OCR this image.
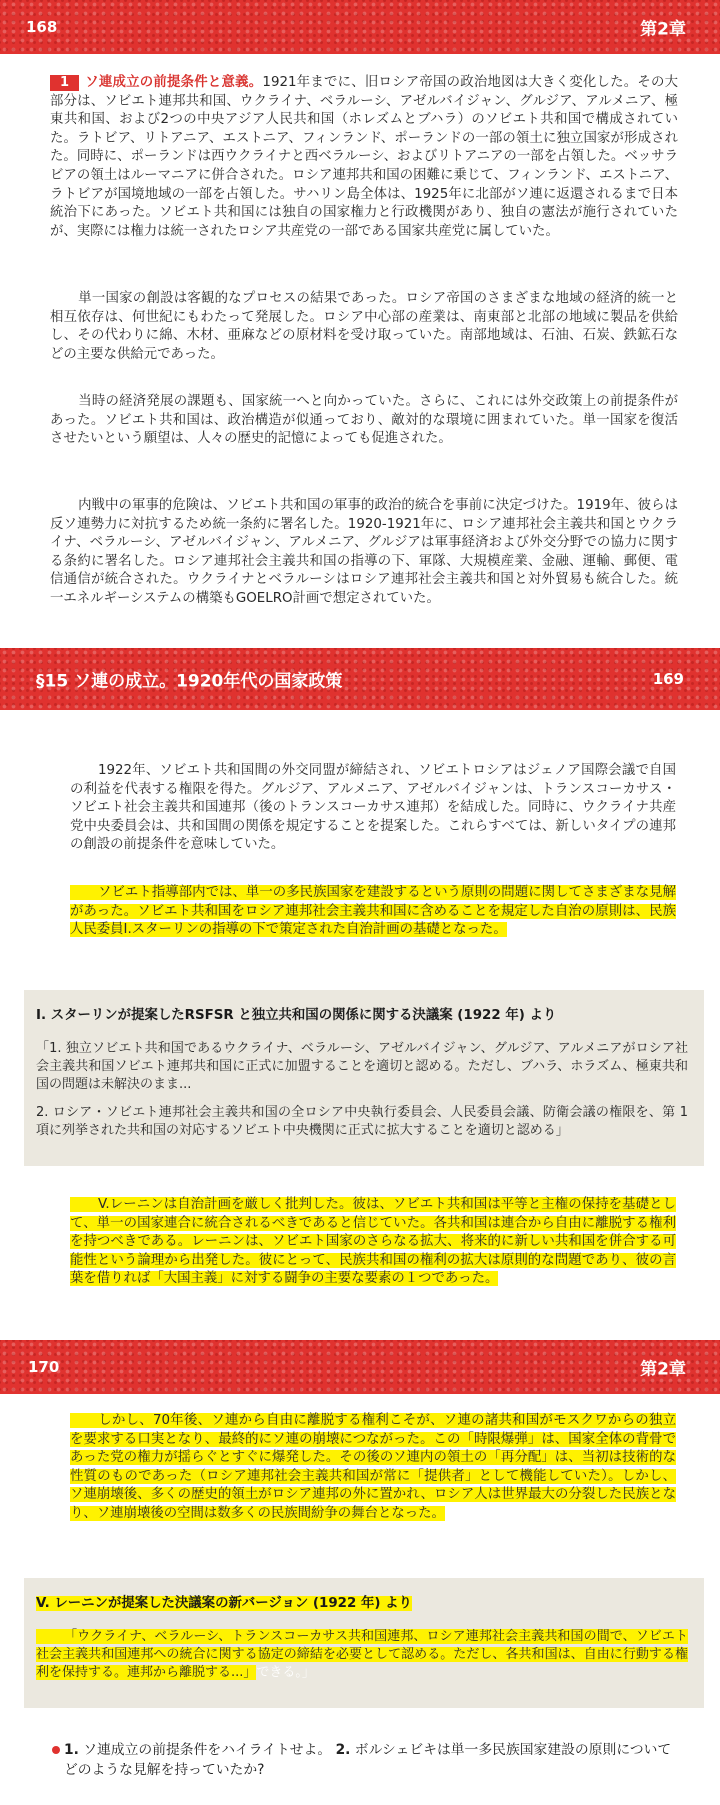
168	第2章
1 ソ連成立の前提条件と意義。1921年までに、旧ロシア帝国の政治地図は大きく変化した。その大部分は、ソビエト連邦共和国、ウクライナ、ベラルーシ、アゼルバイジャン、グルジア、アルメニア、極東共和国、および2つの中央アジア人民共和国（ホレズムとブハラ）のソビエト共和国で構成されていた。ラトビア、リトアニア、エストニア、フィンランド、ポーランドの一部の領土に独立国家が形成された。同時に、ポーランドは西ウクライナと西ベラルーシ、およびリトアニアの一部を占領した。ベッサラビアの領土はルーマニアに併合された。ロシア連邦共和国の困難に乗じて、フィンランド、エストニア、ラトビアが国境地域の一部を占領した。サハリン島全体は、1925年に北部がソ連に返還されるまで日本統治下にあった。ソビエト共和国には独自の国家権力と行政機関があり、独自の憲法が施行されていたが、実際には権力は統一されたロシア共産党の一部である国家共産党に属していた。
単一国家の創設は客観的なプロセスの結果であった。ロシア帝国のさまざまな地域の経済的統一と相互依存は、何世紀にもわたって発展した。ロシア中心部の産業は、南東部と北部の地域に製品を供給し、その代わりに綿、木材、亜麻などの原材料を受け取っていた。南部地域は、石油、石炭、鉄鉱石などの主要な供給元であった。
当時の経済発展の課題も、国家統一へと向かっていた。さらに、これには外交政策上の前提条件があった。ソビエト共和国は、政治構造が似通っており、敵対的な環境に囲まれていた。単一国家を復活させたいという願望は、人々の歴史的記憶によっても促進された。
内戦中の軍事的危険は、ソビエト共和国の軍事的政治的統合を事前に決定づけた。1919年、彼らは反ソ連勢力に対抗するため統一条約に署名した。1920-1921年に、ロシア連邦社会主義共和国とウクライナ、ベラルーシ、アゼルバイジャン、アルメニア、グルジアは軍事経済および外交分野での協力に関する条約に署名した。ロシア連邦社会主義共和国の指導の下、軍隊、大規模産業、金融、運輸、郵便、電信通信が統合された。ウクライナとベラルーシはロシア連邦社会主義共和国と対外貿易も統合した。統一エネルギーシステムの構築もGOELRO計画で想定されていた。
§15 ソ連の成立。1920年代の国家政策	169
1922年、ソビエト共和国間の外交同盟が締結され、ソビエトロシアはジェノア国際会議で自国の利益を代表する権限を得た。グルジア、アルメニア、アゼルバイジャンは、トランスコーカサス・ソビエト社会主義共和国連邦（後のトランスコーカサス連邦）を結成した。同時に、ウクライナ共産党中央委員会は、共和国間の関係を規定することを提案した。これらすべては、新しいタイプの連邦の創設の前提条件を意味していた。
ソビエト指導部内では、単一の多民族国家を建設するという原則の問題に関してさまざまな見解があった。ソビエト共和国をロシア連邦社会主義共和国に含めることを規定した自治の原則は、民族人民委員I.スターリンの指導の下で策定された自治計画の基礎となった。
I. スターリンが提案したRSFSR と独立共和国の関係に関する決議案 (1922 年) より
「1. 独立ソビエト共和国であるウクライナ、ベラルーシ、アゼルバイジャン、グルジア、アルメニアがロシア社会主義共和国ソビエト連邦共和国に正式に加盟することを適切と認める。ただし、ブハラ、ホラズム、極東共和国の問題は未解決のまま...
2. ロシア・ソビエト連邦社会主義共和国の全ロシア中央執行委員会、人民委員会議、防衛会議の権限を、第 1 項に列挙された共和国の対応するソビエト中央機関に正式に拡大することを適切と認める」
V.レーニンは自治計画を厳しく批判した。彼は、ソビエト共和国は平等と主権の保持を基礎として、単一の国家連合に統合されるべきであると信じていた。各共和国は連合から自由に離脱する権利を持つべきである。レーニンは、ソビエト国家のさらなる拡大、将来的に新しい共和国を併合する可能性という論理から出発した。彼にとって、民族共和国の権利の拡大は原則的な問題であり、彼の言葉を借りれば「大国主義」に対する闘争の主要な要素の１つであった。
170	第2章
しかし、70年後、ソ連から自由に離脱する権利こそが、ソ連の諸共和国がモスクワからの独立を要求する口実となり、最終的にソ連の崩壊につながった。この「時限爆弾」は、国家全体の背骨であった党の権力が揺らぐとすぐに爆発した。その後のソ連内の領土の「再分配」は、当初は技術的な性質のものであった（ロシア連邦社会主義共和国が常に「提供者」として機能していた）。しかし、ソ連崩壊後、多くの歴史的領土がロシア連邦の外に置かれ、ロシア人は世界最大の分裂した民族となり、ソ連崩壊後の空間は数多くの民族間紛争の舞台となった。
V. レーニンが提案した決議案の新バージョン (1922 年) より
「ウクライナ、ベラルーシ、トランスコーカサス共和国連邦、ロシア連邦社会主義共和国の間で、ソビエト社会主義共和国連邦への統合に関する協定の締結を必要として認める。ただし、各共和国は、自由に行動する権利を保持する。連邦から離脱する...」できる。」
1. ソ連成立の前提条件をハイライトせよ。 2. ボルシェビキは単一多民族国家建設の原則についてどのような見解を持っていたか?
